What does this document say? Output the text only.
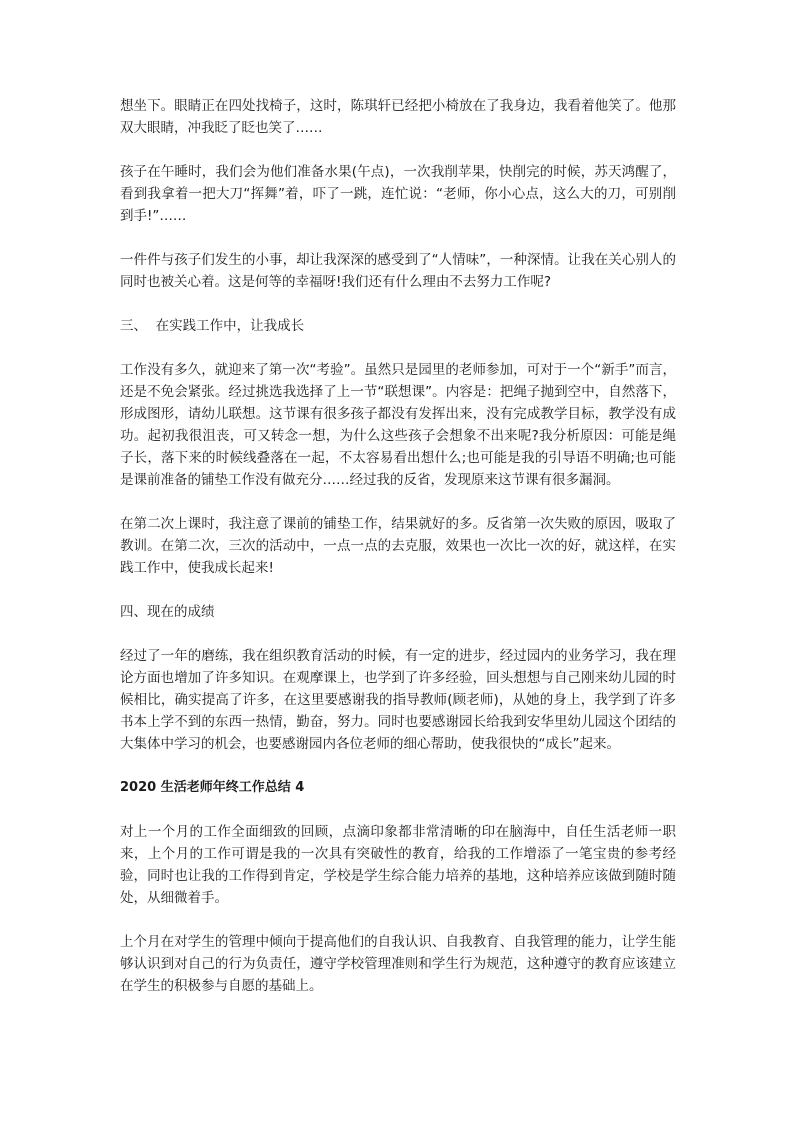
想坐下。眼睛正在四处找椅子，这时，陈琪轩已经把小椅放在了我身边，我看着他笑了。他那双大眼睛，冲我眨了眨也笑了……

孩子在午睡时，我们会为他们准备水果(午点)，一次我削苹果，快削完的时候，苏天鸿醒了，看到我拿着一把大刀“挥舞”着，吓了一跳，连忙说：“老师，你小心点，这么大的刀，可别削到手!”……

一件件与孩子们发生的小事，却让我深深的感受到了“人情味”，一种深情。让我在关心别人的同时也被关心着。这是何等的幸福呀!我们还有什么理由不去努力工作呢?

三、  在实践工作中，让我成长

工作没有多久，就迎来了第一次“考验”。虽然只是园里的老师参加，可对于一个“新手”而言，还是不免会紧张。经过挑选我选择了上一节“联想课”。内容是：把绳子抛到空中，自然落下，形成图形，请幼儿联想。这节课有很多孩子都没有发挥出来，没有完成教学目标，教学没有成功。起初我很沮丧，可又转念一想，为什么这些孩子会想象不出来呢?我分析原因：可能是绳子长，落下来的时候线叠落在一起，不太容易看出想什么;也可能是我的引导语不明确;也可能是课前准备的铺垫工作没有做充分……经过我的反省，发现原来这节课有很多漏洞。

在第二次上课时，我注意了课前的铺垫工作，结果就好的多。反省第一次失败的原因，吸取了教训。在第二次，三次的活动中，一点一点的去克服，效果也一次比一次的好，就这样，在实践工作中，使我成长起来!

四、现在的成绩

经过了一年的磨练，我在组织教育活动的时候，有一定的进步，经过园内的业务学习，我在理论方面也增加了许多知识。在观摩课上，也学到了许多经验，回头想想与自己刚来幼儿园的时候相比，确实提高了许多，在这里要感谢我的指导教师(顾老师)，从她的身上，我学到了许多书本上学不到的东西一热情，勤奋，努力。同时也要感谢园长给我到安华里幼儿园这个团结的大集体中学习的机会，也要感谢园内各位老师的细心帮助，使我很快的“成长”起来。

2020 生活老师年终工作总结 4

对上一个月的工作全面细致的回顾，点滴印象都非常清晰的印在脑海中，自任生活老师一职来，上个月的工作可谓是我的一次具有突破性的教育，给我的工作增添了一笔宝贵的参考经验，同时也让我的工作得到肯定，学校是学生综合能力培养的基地，这种培养应该做到随时随处，从细微着手。

上个月在对学生的管理中倾向于提高他们的自我认识、自我教育、自我管理的能力，让学生能够认识到对自己的行为负责任，遵守学校管理准则和学生行为规范，这种遵守的教育应该建立在学生的积极参与自愿的基础上。
